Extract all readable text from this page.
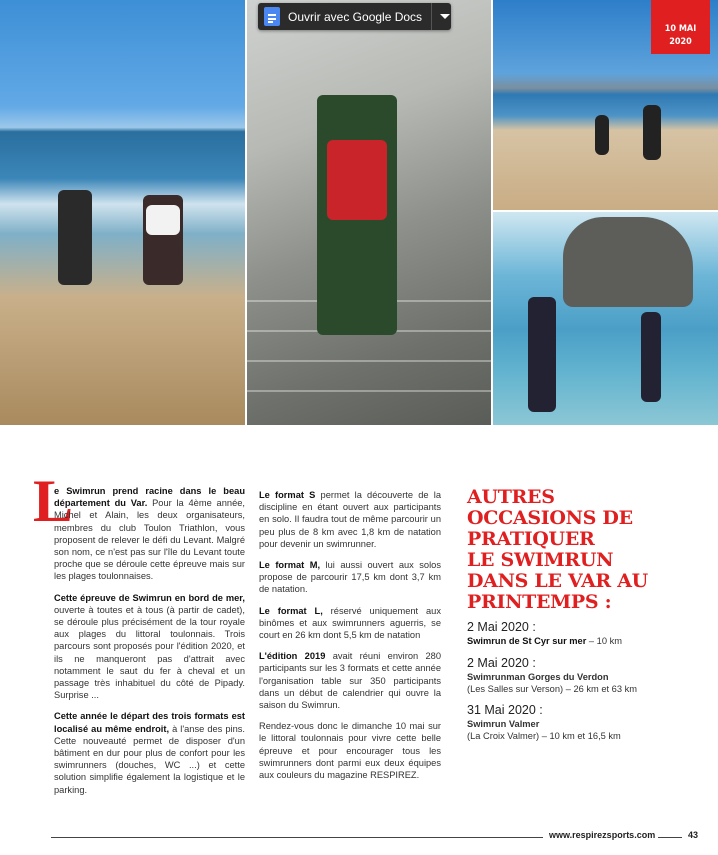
Ouvrir avec Google Docs
10 MAI
2020
L

e Swimrun prend racine dans le beau département du Var. Pour la 4ème année, Michel et Alain, les deux organisateurs, membres du club Toulon Triathlon, vous proposent de relever le défi du Levant. Malgré son nom, ce n'est pas sur l'île du Levant toute proche que se déroule cette épreuve mais sur les plages toulonnaises.

Cette épreuve de Swimrun en bord de mer, ouverte à toutes et à tous (à partir de cadet), se déroule plus précisément de la tour royale aux plages du littoral toulonnais. Trois parcours sont proposés pour l'édition 2020, et ils ne manqueront pas d'attrait avec notamment le saut du fer à cheval et un passage très inhabituel du côté de Pipady. Surprise ...

Cette année le départ des trois formats est localisé au même endroit, à l'anse des pins. Cette nouveauté permet de disposer d'un bâtiment en dur pour plus de confort pour les swimrunners (douches, WC ...) et cette solution simplifie également la logistique et le parking.

Le format S permet la découverte de la discipline en étant ouvert aux participants en solo. Il faudra tout de même parcourir un peu plus de 8 km avec 1,8 km de natation pour devenir un swimrunner.

Le format M, lui aussi ouvert aux solos propose de parcourir 17,5 km dont 3,7 km de natation.

Le format L, réservé uniquement aux binômes et aux swimrunners aguerris, se court en 26 km dont 5,5 km de natation

L'édition 2019 avait réuni environ 280 participants sur les 3 formats et cette année l'organisation table sur 350 participants dans un début de calendrier qui ouvre la saison du Swimrun.

Rendez-vous donc le dimanche 10 mai sur le littoral toulonnais pour vivre cette belle épreuve et pour encourager tous les swimrunners dont parmi eux deux équipes aux couleurs du magazine RESPIREZ.

AUTRES
OCCASIONS DE
PRATIQUER
LE SWIMRUN
DANS LE VAR AU
PRINTEMPS :
2 Mai 2020 :
Swimrun de St Cyr sur mer – 10 km
2 Mai 2020 :
Swimrunman Gorges du Verdon
(Les Salles sur Verson) – 26 km et 63 km
31 Mai 2020 :
Swimrun Valmer
(La Croix Valmer) – 10 km et 16,5 km
www.respirezsports.com	43
